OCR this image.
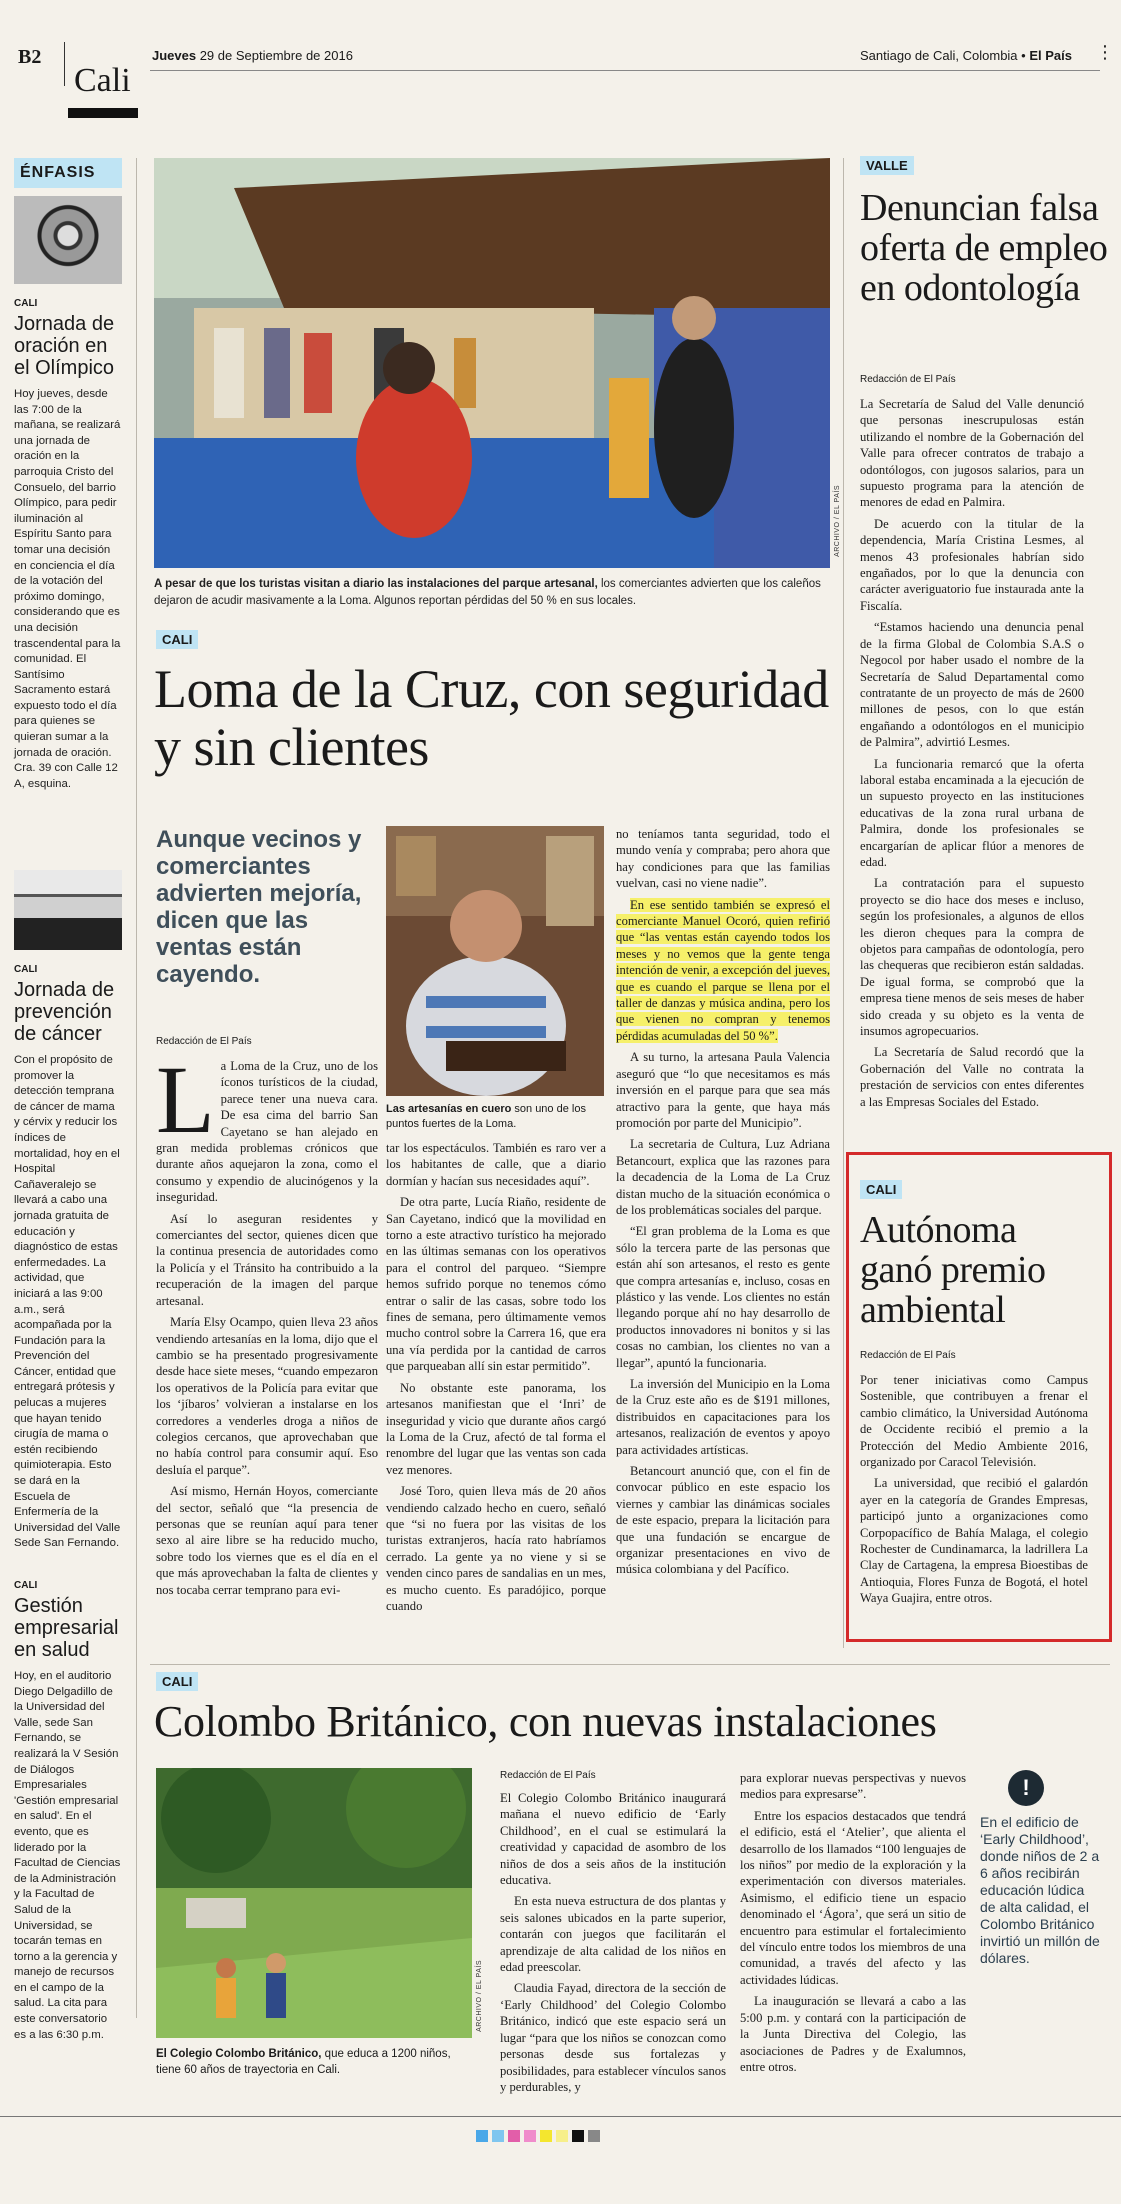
B2
Cali
Jueves 29 de Septiembre de 2016	Santiago de Cali, Colombia • El País ⋮
ÉNFASIS
CALI
Jornada de oración en el Olímpico
Hoy jueves, desde las 7:00 de la mañana, se realizará una jornada de oración en la parroquia Cristo del Consuelo, del barrio Olímpico, para pedir iluminación al Espíritu Santo para tomar una decisión en conciencia el día de la votación del próximo domingo, considerando que es una decisión trascendental para la comunidad. El Santísimo Sacramento estará expuesto todo el día para quienes se quieran sumar a la jornada de oración. Cra. 39 con Calle 12 A, esquina.
CALI
Jornada de prevención de cáncer
Con el propósito de promover la detección temprana de cáncer de mama y cérvix y reducir los índices de mortalidad, hoy en el Hospital Cañaveralejo se llevará a cabo una jornada gratuita de educación y diagnóstico de estas enfermedades. La actividad, que iniciará a las 9:00 a.m., será acompañada por la Fundación para la Prevención del Cáncer, entidad que entregará prótesis y pelucas a mujeres que hayan tenido cirugía de mama o estén recibiendo quimioterapia. Esto se dará en la Escuela de Enfermería de la Universidad del Valle Sede San Fernando.
CALI
Gestión empresarial en salud
Hoy, en el auditorio Diego Delgadillo de la Universidad del Valle, sede San Fernando, se realizará la V Sesión de Diálogos Empresariales 'Gestión empresarial en salud'. En el evento, que es liderado por la Facultad de Ciencias de la Administración y la Facultad de Salud de la Universidad, se tocarán temas en torno a la gerencia y manejo de recursos en el campo de la salud. La cita para este conversatorio es a las 6:30 p.m.
ARCHIVO / EL PAÍS
A pesar de que los turistas visitan a diario las instalaciones del parque artesanal, los comerciantes advierten que los caleños dejaron de acudir masivamente a la Loma. Algunos reportan pérdidas del 50 % en sus locales.
CALI
Loma de la Cruz, con seguridad y sin clientes
Aunque vecinos y comerciantes advierten mejoría, dicen que las ventas están cayendo.
Redacción de El País
Las artesanías en cuero son uno de los puntos fuertes de la Loma.
L a Loma de la Cruz, uno de los íconos turísticos de la ciudad, parece tener una nueva cara. De esa cima del barrio San Cayetano se han alejado en gran medida problemas crónicos que durante años aquejaron la zona, como el consumo y expendio de alucinógenos y la inseguridad.

Así lo aseguran residentes y comerciantes del sector, quienes dicen que la continua presencia de autoridades como la Policía y el Tránsito ha contribuido a la recuperación de la imagen del parque artesanal.

María Elsy Ocampo, quien lleva 23 años vendiendo artesanías en la loma, dijo que el cambio se ha presentado progresivamente desde hace siete meses, “cuando empezaron los operativos de la Policía para evitar que los ‘jíbaros’ volvieran a instalarse en los corredores a venderles droga a niños de colegios cercanos, que aprovechaban que no había control para consumir aquí. Eso desluía el parque”.

Así mismo, Hernán Hoyos, comerciante del sector, señaló que “la presencia de personas que se reunían aquí para tener sexo al aire libre se ha reducido mucho, sobre todo los viernes que es el día en el que más aprovechaban la falta de clientes y nos tocaba cerrar temprano para evi-

tar los espectáculos. También es raro ver a los habitantes de calle, que a diario dormían y hacían sus necesidades aquí”.

De otra parte, Lucía Riaño, residente de San Cayetano, indicó que la movilidad en torno a este atractivo turístico ha mejorado en las últimas semanas con los operativos para el control del parqueo. “Siempre hemos sufrido porque no tenemos cómo entrar o salir de las casas, sobre todo los fines de semana, pero últimamente vemos mucho control sobre la Carrera 16, que era una vía perdida por la cantidad de carros que parqueaban allí sin estar permitido”.

No obstante este panorama, los artesanos manifiestan que el ‘Inri’ de inseguridad y vicio que durante años cargó la Loma de la Cruz, afectó de tal forma el renombre del lugar que las ventas son cada vez menores.

José Toro, quien lleva más de 20 años vendiendo calzado hecho en cuero, señaló que “si no fuera por las visitas de los turistas extranjeros, hacía rato habríamos cerrado. La gente ya no viene y si se venden cinco pares de sandalias en un mes, es mucho cuento. Es paradójico, porque cuando

no teníamos tanta seguridad, todo el mundo venía y compraba; pero ahora que hay condiciones para que las familias vuelvan, casi no viene nadie”.

En ese sentido también se expresó el comerciante Manuel Ocoró, quien refirió que “las ventas están cayendo todos los meses y no vemos que la gente tenga intención de venir, a excepción del jueves, que es cuando el parque se llena por el taller de danzas y música andina, pero los que vienen no compran y tenemos pérdidas acumuladas del 50 %”.

A su turno, la artesana Paula Valencia aseguró que “lo que necesitamos es más inversión en el parque para que sea más atractivo para la gente, que haya más promoción por parte del Municipio”.

La secretaria de Cultura, Luz Adriana Betancourt, explica que las razones para la decadencia de la Loma de La Cruz distan mucho de la situación económica o de los problemáticas sociales del parque.

“El gran problema de la Loma es que sólo la tercera parte de las personas que están ahí son artesanos, el resto es gente que compra artesanías e, incluso, cosas en plástico y las vende. Los clientes no están llegando porque ahí no hay desarrollo de productos innovadores ni bonitos y si las cosas no cambian, los clientes no van a llegar”, apuntó la funcionaria.

La inversión del Municipio en la Loma de la Cruz este año es de $191 millones, distribuidos en capacitaciones para los artesanos, realización de eventos y apoyo para actividades artísticas.

Betancourt anunció que, con el fin de convocar público en este espacio los viernes y cambiar las dinámicas sociales de este espacio, prepara la licitación para que una fundación se encargue de organizar presentaciones en vivo de música colombiana y del Pacífico.

VALLE
Denuncian falsa oferta de empleo en odontología
Redacción de El País

La Secretaría de Salud del Valle denunció que personas inescrupulosas están utilizando el nombre de la Gobernación del Valle para ofrecer contratos de trabajo a odontólogos, con jugosos salarios, para un supuesto programa para la atención de menores de edad en Palmira.

De acuerdo con la titular de la dependencia, María Cristina Lesmes, al menos 43 profesionales habrían sido engañados, por lo que la denuncia con carácter averiguatorio fue instaurada ante la Fiscalía.

“Estamos haciendo una denuncia penal de la firma Global de Colombia S.A.S o Negocol por haber usado el nombre de la Secretaría de Salud Departamental como contratante de un proyecto de más de 2600 millones de pesos, con lo que están engañando a odontólogos en el municipio de Palmira”, advirtió Lesmes.

La funcionaria remarcó que la oferta laboral estaba encaminada a la ejecución de un supuesto proyecto en las instituciones educativas de la zona rural urbana de Palmira, donde los profesionales se encargarían de aplicar flúor a menores de edad.

La contratación para el supuesto proyecto se dio hace dos meses e incluso, según los profesionales, a algunos de ellos les dieron cheques para la compra de objetos para campañas de odontología, pero las chequeras que recibieron están saldadas. De igual forma, se comprobó que la empresa tiene menos de seis meses de haber sido creada y su objeto es la venta de insumos agropecuarios.

La Secretaría de Salud recordó que la Gobernación del Valle no contrata la prestación de servicios con entes diferentes a las Empresas Sociales del Estado.

CALI
Autónoma ganó premio ambiental
Redacción de El País

Por tener iniciativas como Campus Sostenible, que contribuyen a frenar el cambio climático, la Universidad Autónoma de Occidente recibió el premio a la Protección del Medio Ambiente 2016, organizado por Caracol Televisión.

La universidad, que recibió el galardón ayer en la categoría de Grandes Empresas, participó junto a organizaciones como Corpopacífico de Bahía Malaga, el colegio Rochester de Cundinamarca, la ladrillera La Clay de Cartagena, la empresa Bioestibas de Antioquia, Flores Funza de Bogotá, el hotel Waya Guajira, entre otros.

CALI
Colombo Británico, con nuevas instalaciones
ARCHIVO / EL PAÍS
El Colegio Colombo Británico, que educa a 1200 niños, tiene 60 años de trayectoria en Cali.
Redacción de El País

El Colegio Colombo Británico inaugurará mañana el nuevo edificio de ‘Early Childhood’, en el cual se estimulará la creatividad y capacidad de asombro de los niños de dos a seis años de la institución educativa.

En esta nueva estructura de dos plantas y seis salones ubicados en la parte superior, contarán con juegos que facilitarán el aprendizaje de alta calidad de los niños en edad preescolar.

Claudia Fayad, directora de la sección de ‘Early Childhood’ del Colegio Colombo Británico, indicó que este espacio será un lugar “para que los niños se conozcan como personas desde sus fortalezas y posibilidades, para establecer vínculos sanos y perdurables, y

para explorar nuevas perspectivas y nuevos medios para expresarse”.

Entre los espacios destacados que tendrá el edificio, está el ‘Atelier’, que alienta el desarrollo de los llamados “100 lenguajes de los niños” por medio de la exploración y la experimentación con diversos materiales. Asimismo, el edificio tiene un espacio denominado el ‘Ágora’, que será un sitio de encuentro para estimular el fortalecimiento del vínculo entre todos los miembros de una comunidad, a través del afecto y las actividades lúdicas.

La inauguración se llevará a cabo a las 5:00 p.m. y contará con la participación de la Junta Directiva del Colegio, las asociaciones de Padres y de Exalumnos, entre otros.

!
En el edificio de ‘Early Childhood’, donde niños de 2 a 6 años recibirán educación lúdica de alta calidad, el Colombo Británico invirtió un millón de dólares.
